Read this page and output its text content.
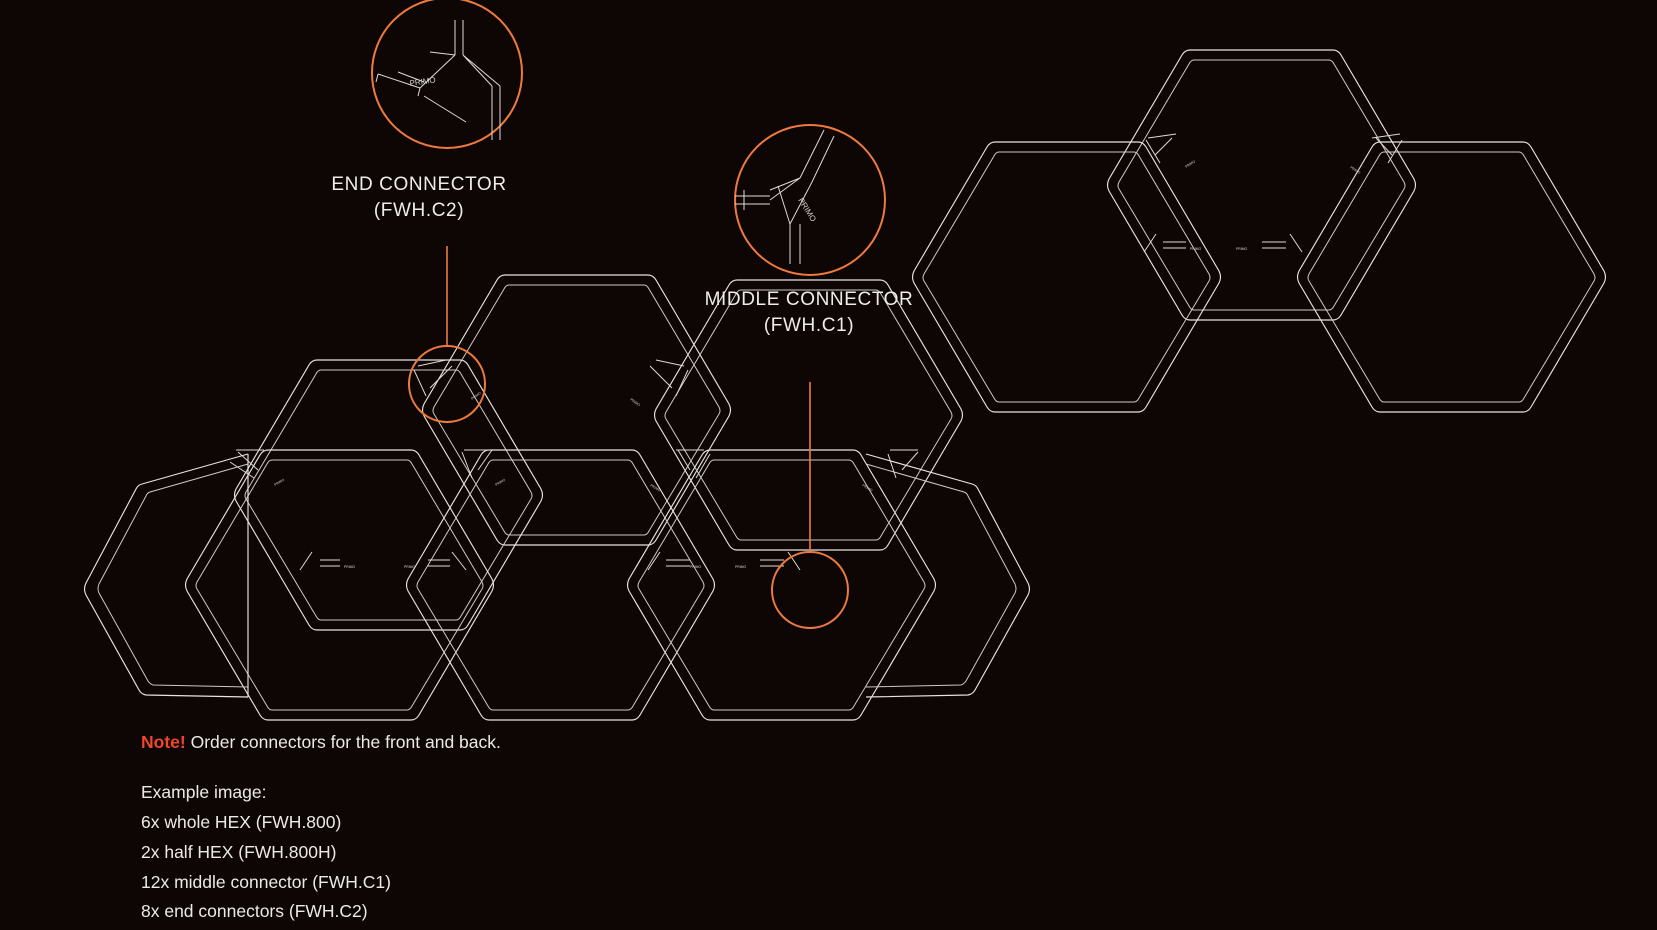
PRIMO
PRIMO
PRIMO	PRIMO
PRIMO	PRIMO
PRIMO	PRIMO	PRIMO	PRIMO
PRIMO
PRIMO
PRIMO	PRIMO
PRIMO
PRIMO
END CONNECTOR
(FWH.C2)
MIDDLE CONNECTOR
(FWH.C1)
Note! Order connectors for the front and back.
Example image:
6x whole HEX (FWH.800)
2x half HEX (FWH.800H)
12x middle connector (FWH.C1)
8x end connectors (FWH.C2)
